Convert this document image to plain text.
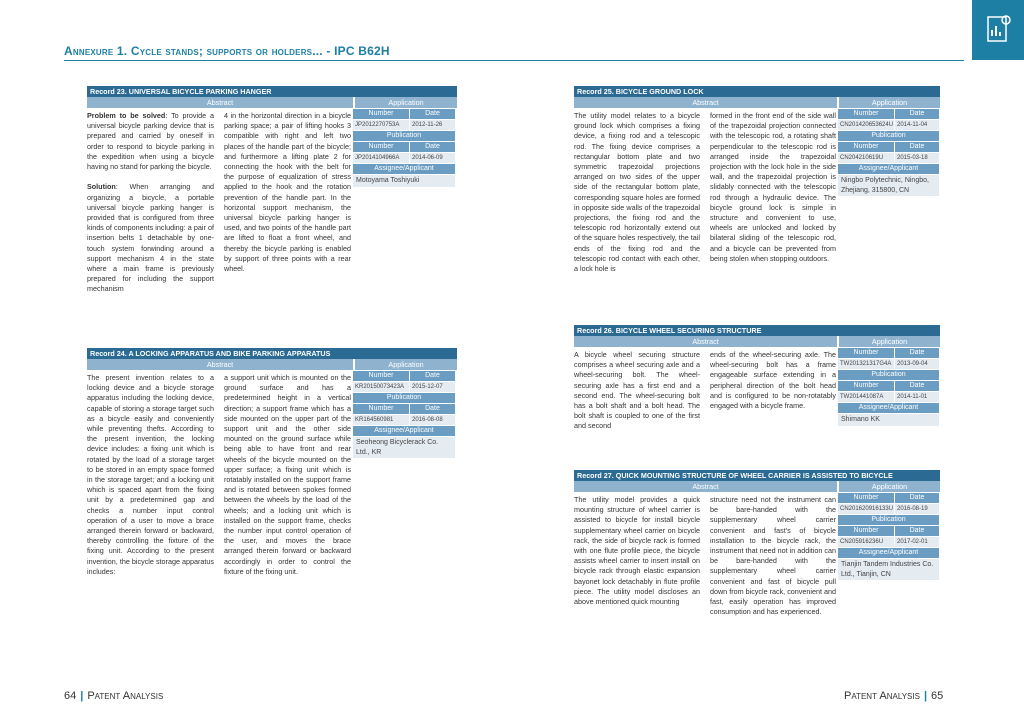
Annexure 1. Cycle stands; supports or holders... - IPC B62H
Record 23. UNIVERSAL BICYCLE PARKING HANGER
Abstract	Application
Problem to be solved: To provide a universal bicycle parking device that is prepared and carried by oneself in order to respond to bicycle parking in the expedition when using a bicycle having no stand for parking the bicycle.

Solution: When arranging and organizing a bicycle, a portable universal bicycle parking hanger is provided that is configured from three kinds of components including: a pair of insertion belts 1 detachable by one-touch system forwinding around a support mechanism 4 in the state where a main frame is previously prepared for including the support mechanism
4 in the horizontal direction in a bicycle parking space; a pair of lifting hooks 3 compatible with right and left two places of the handle part of the bicycle; and furthermore a lifting plate 2 for connecting the hook with the belt for the purpose of equalization of stress applied to the hook and the rotation prevention of the handle part. In the horizontal support mechanism, the universal bicycle parking hanger is used, and two points of the handle part are lifted to float a front wheel, and thereby the bicycle parking is enabled by support of three points with a rear wheel.
Number	Date
JP2012270753A	2012-11-26
Publication
Number	Date
JP2014104966A	2014-06-09
Assignee/Applicant
Motoyama Toshiyuki
Record 24. A LOCKING APPARATUS AND BIKE PARKING APPARATUS
Abstract	Application
The present invention relates to a locking device and a bicycle storage apparatus including the locking device, capable of storing a storage target such as a bicycle easily and conveniently while preventing thefts. According to the present invention, the locking device includes: a fixing unit which is rotated by the load of a storage target to be stored in an empty space formed in the storage target; and a locking unit which is spaced apart from the fixing unit by a predetermined gap and checks a number input control operation of a user to move a brace arranged therein forward or backward, thereby controlling the fixture of the fixing unit. According to the present invention, the bicycle storage apparatus includes:
a support unit which is mounted on the ground surface and has a predetermined height in a vertical direction; a support frame which has a side mounted on the upper part of the support unit and the other side mounted on the ground surface while being able to have front and rear wheels of the bicycle mounted on the upper surface; a fixing unit which is rotatably installed on the support frame and is rotated between spokes formed between the wheels by the load of the wheels; and a locking unit which is installed on the support frame, checks the number input control operation of the user, and moves the brace arranged therein forward or backward accordingly in order to control the fixture of the fixing unit.
Number	Date
KR20150073423A	2015-12-07
Publication
Number	Date
KR164560981	2016-08-08
Assignee/Applicant
Seoheong Bicyclerack Co. Ltd., KR
Record 25. BICYCLE GROUND LOCK
Abstract	Application
The utility model relates to a bicycle ground lock which comprises a fixing device, a fixing rod and a telescopic rod. The fixing device comprises a rectangular bottom plate and two symmetric trapezoidal projections arranged on two sides of the upper side of the rectangular bottom plate, corresponding square holes are formed in opposite side walls of the trapezoidal projections, the fixing rod and the telescopic rod horizontally extend out of the square holes respectively, the tail ends of the fixing rod and the telescopic rod contact with each other, a lock hole is
formed in the front end of the side wall of the trapezoidal projection connected with the telescopic rod, a rotating shaft perpendicular to the telescopic rod is arranged inside the trapezoidal projection with the lock hole in the side wall, and the trapezoidal projection is slidably connected with the telescopic rod through a hydraulic device. The bicycle ground lock is simple in structure and convenient to use, wheels are unlocked and locked by bilateral sliding of the telescopic rod, and a bicycle can be prevented from being stolen when stopping outdoors.
Number	Date
CN201420653624U 2014-11-04
Publication
Number	Date
CN204210619U	2015-03-18
Assignee/Applicant
Ningbo Polytechnic, Ningbo, Zhejiang, 315800, CN
Record 26. BICYCLE WHEEL SECURING STRUCTURE
Abstract	Application
A bicycle wheel securing structure comprises a wheel securing axle and a wheel-securing bolt. The wheel-securing axle has a first end and a second end. The wheel-securing bolt has a bolt shaft and a bolt head. The bolt shaft is coupled to one of the first and second
ends of the wheel-securing axle. The wheel-securing bolt has a frame engageable surface extending in a peripheral direction of the bolt head and is configured to be non-rotatably engaged with a bicycle frame.
Number	Date
TW201321317G4A 2013-09-04
Publication
Number	Date
TW201441087A	2014-11-01
Assignee/Applicant
Shimano KK
Record 27. QUICK MOUNTING STRUCTURE OF WHEEL CARRIER IS ASSISTED TO BICYCLE
Abstract	Application
The utility model provides a quick mounting structure of wheel carrier is assisted to bicycle for install bicycle supplementary wheel carrier on bicycle rack, the side of bicycle rack is formed with one flute profile piece, the bicycle assists wheel carrier to insert install on bicycle rack through elastic expansion bayonet lock detachably in flute profile piece. The utility model discloses an above mentioned quick mounting
structure need not the instrument can be bare-handed with the supplementary wheel carrier convenient and fast's of bicycle installation to the bicycle rack, the instrument that need not in addition can be bare-handed with the supplementary wheel carrier convenient and fast of bicycle pull down from bicycle rack, convenient and fast, easily operation has improved consumption and has experienced.
Number	Date
CN201620916133U 2016-08-19
Publication
Number	Date
CN205916236U	2017-02-01
Assignee/Applicant
Tianjin Tandem Industries Co. Ltd., Tianjin, CN
64 | Patent Analysis	Patent Analysis | 65
